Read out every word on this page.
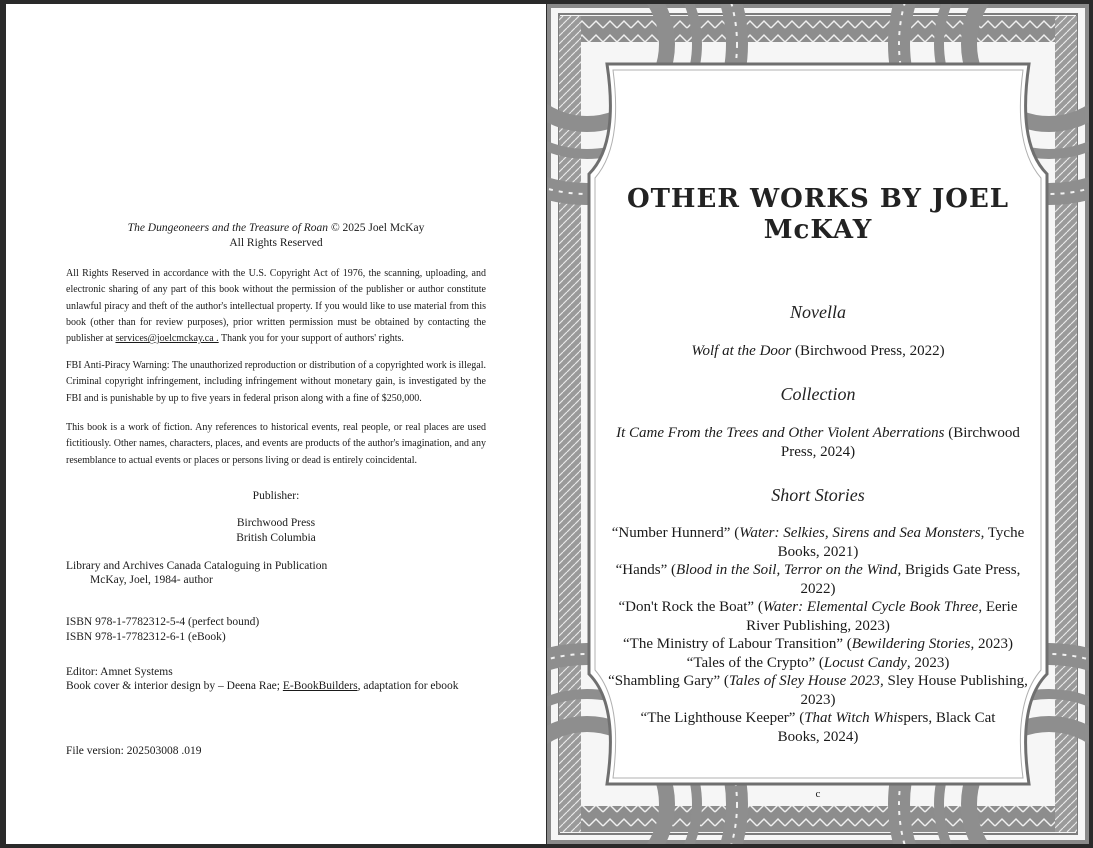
The Dungeoneers and the Treasure of Roan © 2025 Joel McKay
All Rights Reserved
All Rights Reserved in accordance with the U.S. Copyright Act of 1976, the scanning, uploading, and electronic sharing of any part of this book without the permission of the publisher or author constitute unlawful piracy and theft of the author's intellectual property. If you would like to use material from this book (other than for review purposes), prior written permission must be obtained by contacting the publisher at services@joelcmckay.ca . Thank you for your support of authors' rights.
FBI Anti-Piracy Warning: The unauthorized reproduction or distribution of a copyrighted work is illegal. Criminal copyright infringement, including infringement without monetary gain, is investigated by the FBI and is punishable by up to five years in federal prison along with a fine of $250,000.
This book is a work of fiction. Any references to historical events, real people, or real places are used fictitiously. Other names, characters, places, and events are products of the author's imagination, and any resemblance to actual events or places or persons living or dead is entirely coincidental.
Publisher:
Birchwood Press
British Columbia
Library and Archives Canada Cataloguing in Publication
McKay, Joel, 1984- author
ISBN 978-1-7782312-5-4 (perfect bound)
ISBN 978-1-7782312-6-1 (eBook)
Editor: Amnet Systems
Book cover & interior design by – Deena Rae; E-BookBuilders, adaptation for ebook
File version: 202503008 .019
OTHER WORKS BY JOEL McKAY
Novella
Wolf at the Door (Birchwood Press, 2022)
Collection
It Came From the Trees and Other Violent Aberrations (Birchwood Press, 2024)
Short Stories
“Number Hunnerd” (Water: Selkies, Sirens and Sea Monsters, Tyche Books, 2021)
“Hands” (Blood in the Soil, Terror on the Wind, Brigids Gate Press, 2022)
“Don't Rock the Boat” (Water: Elemental Cycle Book Three, Eerie River Publishing, 2023)
“The Ministry of Labour Transition” (Bewildering Stories, 2023)
“Tales of the Crypto” (Locust Candy, 2023)
“Shambling Gary” (Tales of Sley House 2023, Sley House Publishing, 2023)
“The Lighthouse Keeper” (That Witch Whispers, Black Cat Books, 2024)
c
